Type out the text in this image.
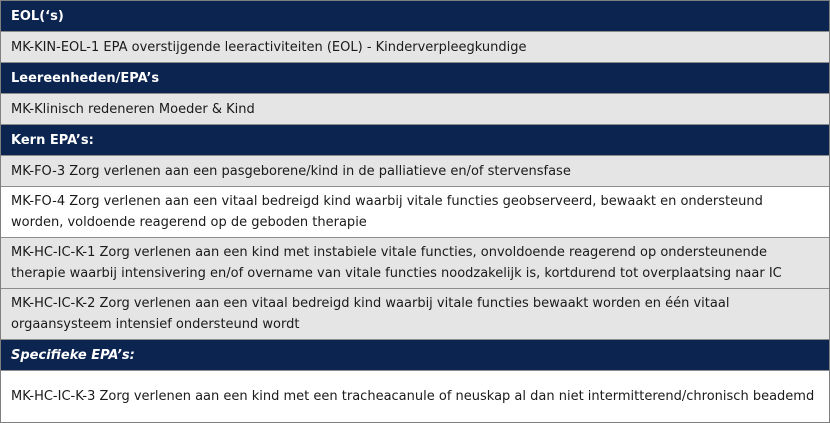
EOL(‘s)
MK-KIN-EOL-1 EPA overstijgende leeractiviteiten (EOL) - Kinderverpleegkundige
Leereenheden/EPA’s
MK-Klinisch redeneren Moeder & Kind
Kern EPA’s:
MK-FO-3 Zorg verlenen aan een pasgeborene/kind in de palliatieve en/of stervensfase
MK-FO-4 Zorg verlenen aan een vitaal bedreigd kind waarbij vitale functies geobserveerd, bewaakt en ondersteund worden, voldoende reagerend op de geboden therapie
MK-HC-IC-K-1 Zorg verlenen aan een kind met instabiele vitale functies, onvoldoende reagerend op ondersteunende therapie waarbij intensivering en/of overname van vitale functies noodzakelijk is, kortdurend tot overplaatsing naar IC
MK-HC-IC-K-2 Zorg verlenen aan een vitaal bedreigd kind waarbij vitale functies bewaakt worden en één vitaal orgaansysteem intensief ondersteund wordt
Specifieke EPA’s:
MK-HC-IC-K-3 Zorg verlenen aan een kind met een tracheacanule of neuskap al dan niet intermitterend/chronisch beademd
